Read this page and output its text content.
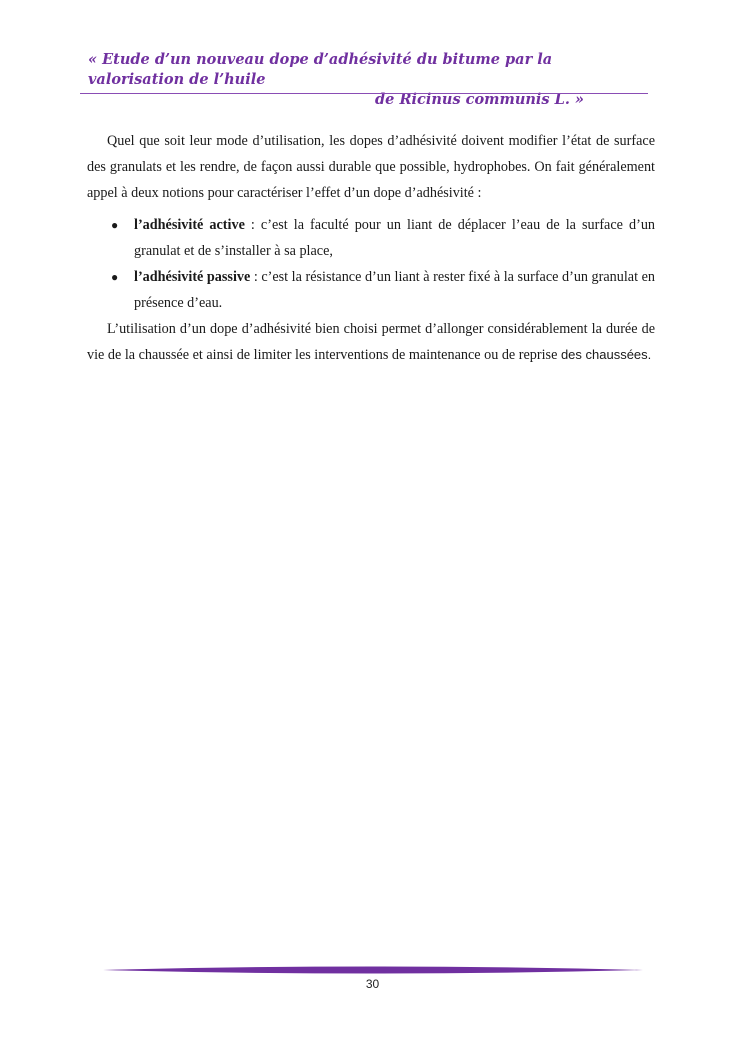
« Etude d’un nouveau dope d’adhésivité du bitume par la valorisation de l’huile
de Ricinus communis L. »

Quel que soit leur mode d’utilisation, les dopes d’adhésivité doivent modifier l’état de surface des granulats et les rendre, de façon aussi durable que possible, hydrophobes. On fait généralement appel à deux notions pour caractériser l’effet d’un dope d’adhésivité :

● l’adhésivité active : c’est la faculté pour un liant de déplacer l’eau de la surface d’un granulat et de s’installer à sa place,
● l’adhésivité passive : c’est la résistance d’un liant à rester fixé à la surface d’un granulat en présence d’eau.

L’utilisation d’un dope d’adhésivité bien choisi permet d’allonger considérablement la durée de vie de la chaussée et ainsi de limiter les interventions de maintenance ou de reprise des chaussées.

30
